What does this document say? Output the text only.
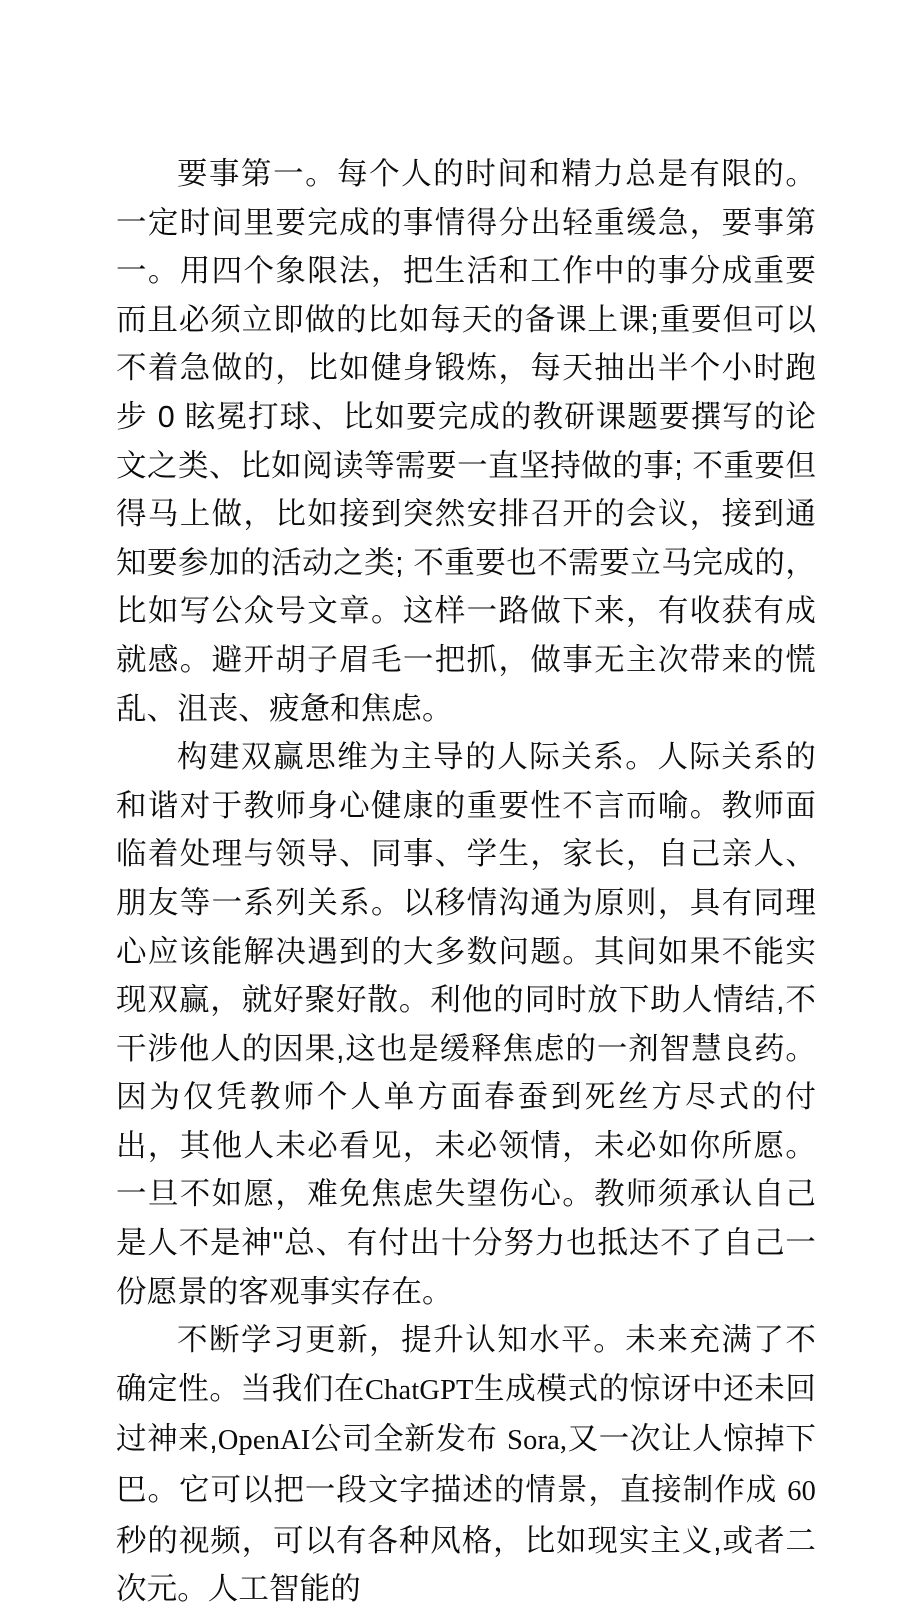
要事第一。每个人的时间和精力总是有限的。一定时间里要完成的事情得分出轻重缓急，要事第一。用四个象限法，把生活和工作中的事分成重要而且必须立即做的比如每天的备课上课;重要但可以不着急做的，比如健身锻炼，每天抽出半个小时跑步 0 眩冕打球、比如要完成的教研课题要撰写的论文之类、比如阅读等需要一直坚持做的事; 不重要但得马上做，比如接到突然安排召开的会议，接到通知要参加的活动之类; 不重要也不需要立马完成的，比如写公众号文章。这样一路做下来，有收获有成就感。避开胡子眉毛一把抓，做事无主次带来的慌乱、沮丧、疲惫和焦虑。

构建双赢思维为主导的人际关系。人际关系的和谐对于教师身心健康的重要性不言而喻。教师面临着处理与领导、同事、学生，家长，自己亲人、朋友等一系列关系。以移情沟通为原则，具有同理心应该能解决遇到的大多数问题。其间如果不能实现双赢，就好聚好散。利他的同时放下助人情结,不干涉他人的因果,这也是缓释焦虑的一剂智慧良药。因为仅凭教师个人单方面春蚕到死丝方尽式的付出，其他人未必看见，未必领情，未必如你所愿。一旦不如愿，难免焦虑失望伤心。教师须承认自己是人不是神"总、有付出十分努力也抵达不了自己一份愿景的客观事实存在。

不断学习更新，提升认知水平。未来充满了不确定性。当我们在ChatGPT生成模式的惊讶中还未回过神来,OpenAI公司全新发布 Sora,又一次让人惊掉下巴。它可以把一段文字描述的情景，直接制作成 60 秒的视频，可以有各种风格，比如现实主义,或者二次元。人工智能的
